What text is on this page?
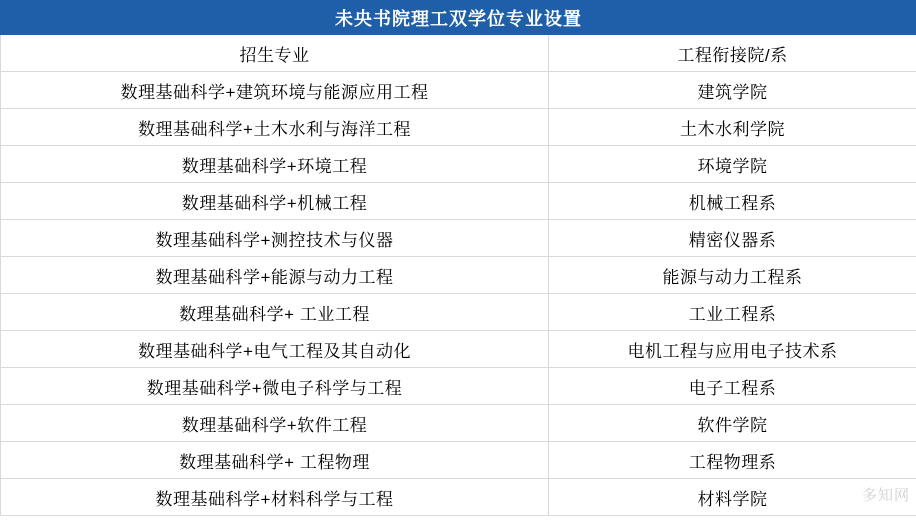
未央书院理工双学位专业设置	
招生专业	工程衔接院/系
数理基础科学+建筑环境与能源应用工程	建筑学院
数理基础科学+土木水利与海洋工程	土木水利学院
数理基础科学+环境工程	环境学院
数理基础科学+机械工程	机械工程系
数理基础科学+测控技术与仪器	精密仪器系
数理基础科学+能源与动力工程	能源与动力工程系
数理基础科学+ 工业工程	工业工程系
数理基础科学+电气工程及其自动化	电机工程与应用电子技术系
数理基础科学+微电子科学与工程	电子工程系
数理基础科学+软件工程	软件学院
数理基础科学+ 工程物理	工程物理系
数理基础科学+材料科学与工程	材料学院	多知网
